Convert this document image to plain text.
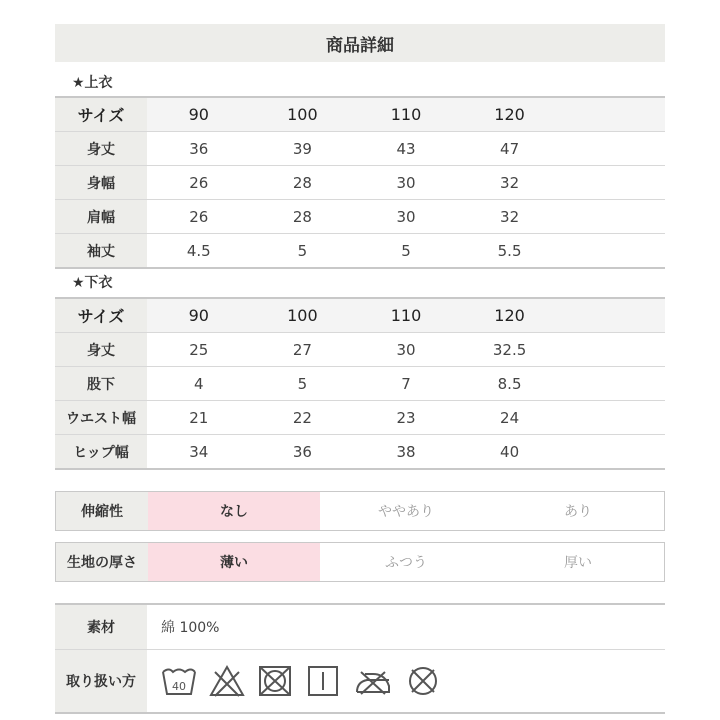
商品詳細
★上衣
サイズ	90	100	110	120	
身丈	36	39	43	47	
身幅	26	28	30	32	
肩幅	26	28	30	32	
袖丈	4.5	5	5	5.5	
★下衣
サイズ	90	100	110	120	
身丈	25	27	30	32.5	
股下	4	5	7	8.5	
ウエスト幅	21	22	23	24	
ヒップ幅	34	36	38	40	
伸縮性	なし	ややあり	あり
生地の厚さ	薄い	ふつう	厚い
素材	綿 100%
取り扱い方	40
